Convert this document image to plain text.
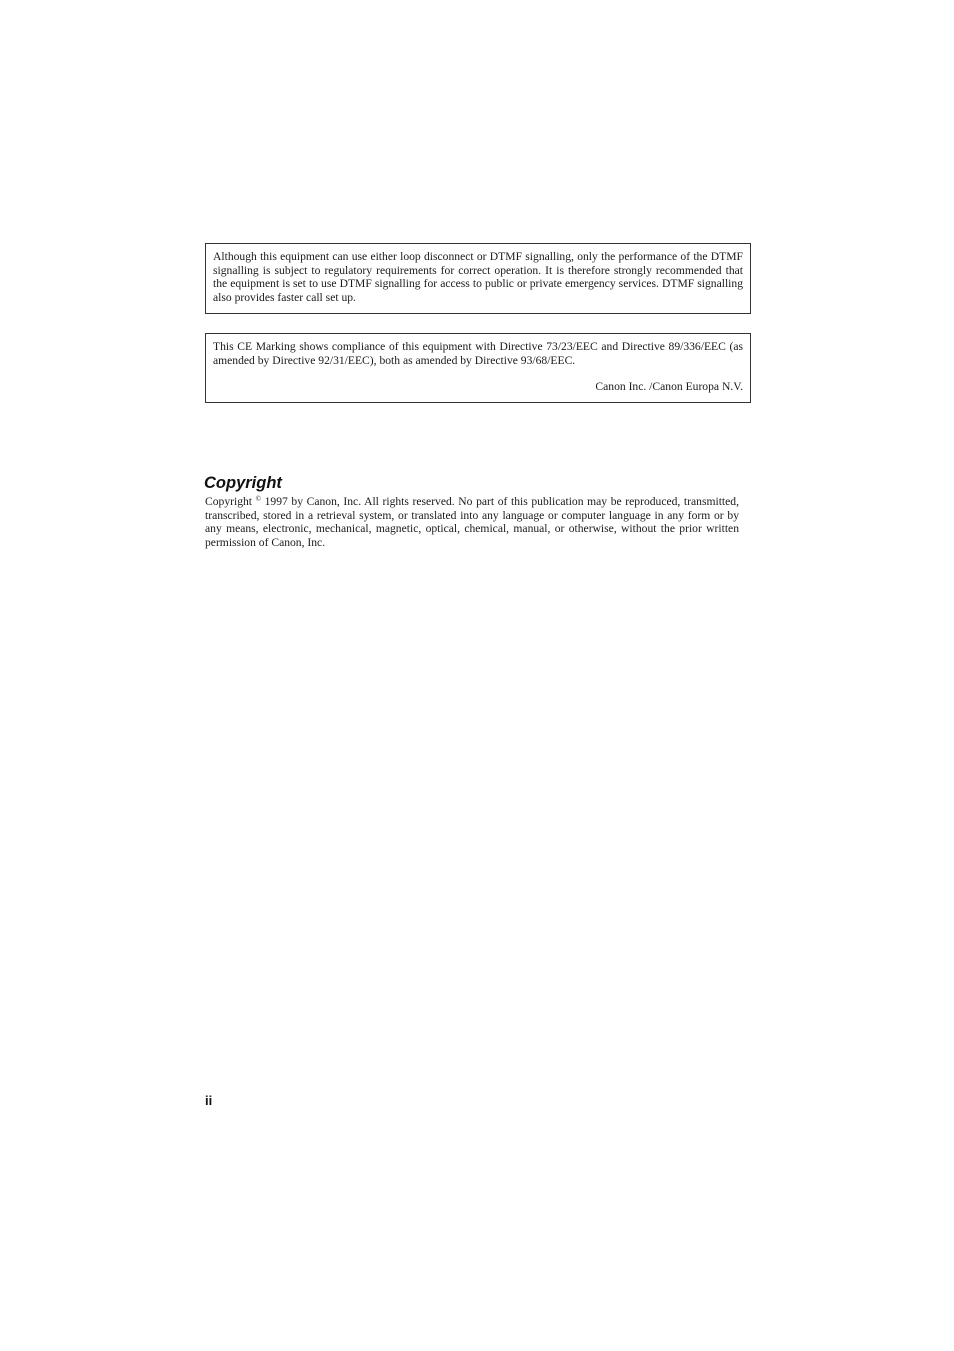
Although this equipment can use either loop disconnect or DTMF signalling, only the performance of the DTMF signalling is subject to regulatory requirements for correct operation. It is therefore strongly recommended that the equipment is set to use DTMF signalling for access to public or private emergency services. DTMF signalling also provides faster call set up.

This CE Marking shows compliance of this equipment with Directive 73/23/EEC and Directive 89/336/EEC (as amended by Directive 92/31/EEC), both as amended by Directive 93/68/EEC.

Canon Inc. /Canon Europa N.V.

Copyright

Copyright © 1997 by Canon, Inc. All rights reserved. No part of this publication may be reproduced, transmitted, transcribed, stored in a retrieval system, or translated into any language or computer language in any form or by any means, electronic, mechanical, magnetic, optical, chemical, manual, or otherwise, without the prior written permission of Canon, Inc.

ii
